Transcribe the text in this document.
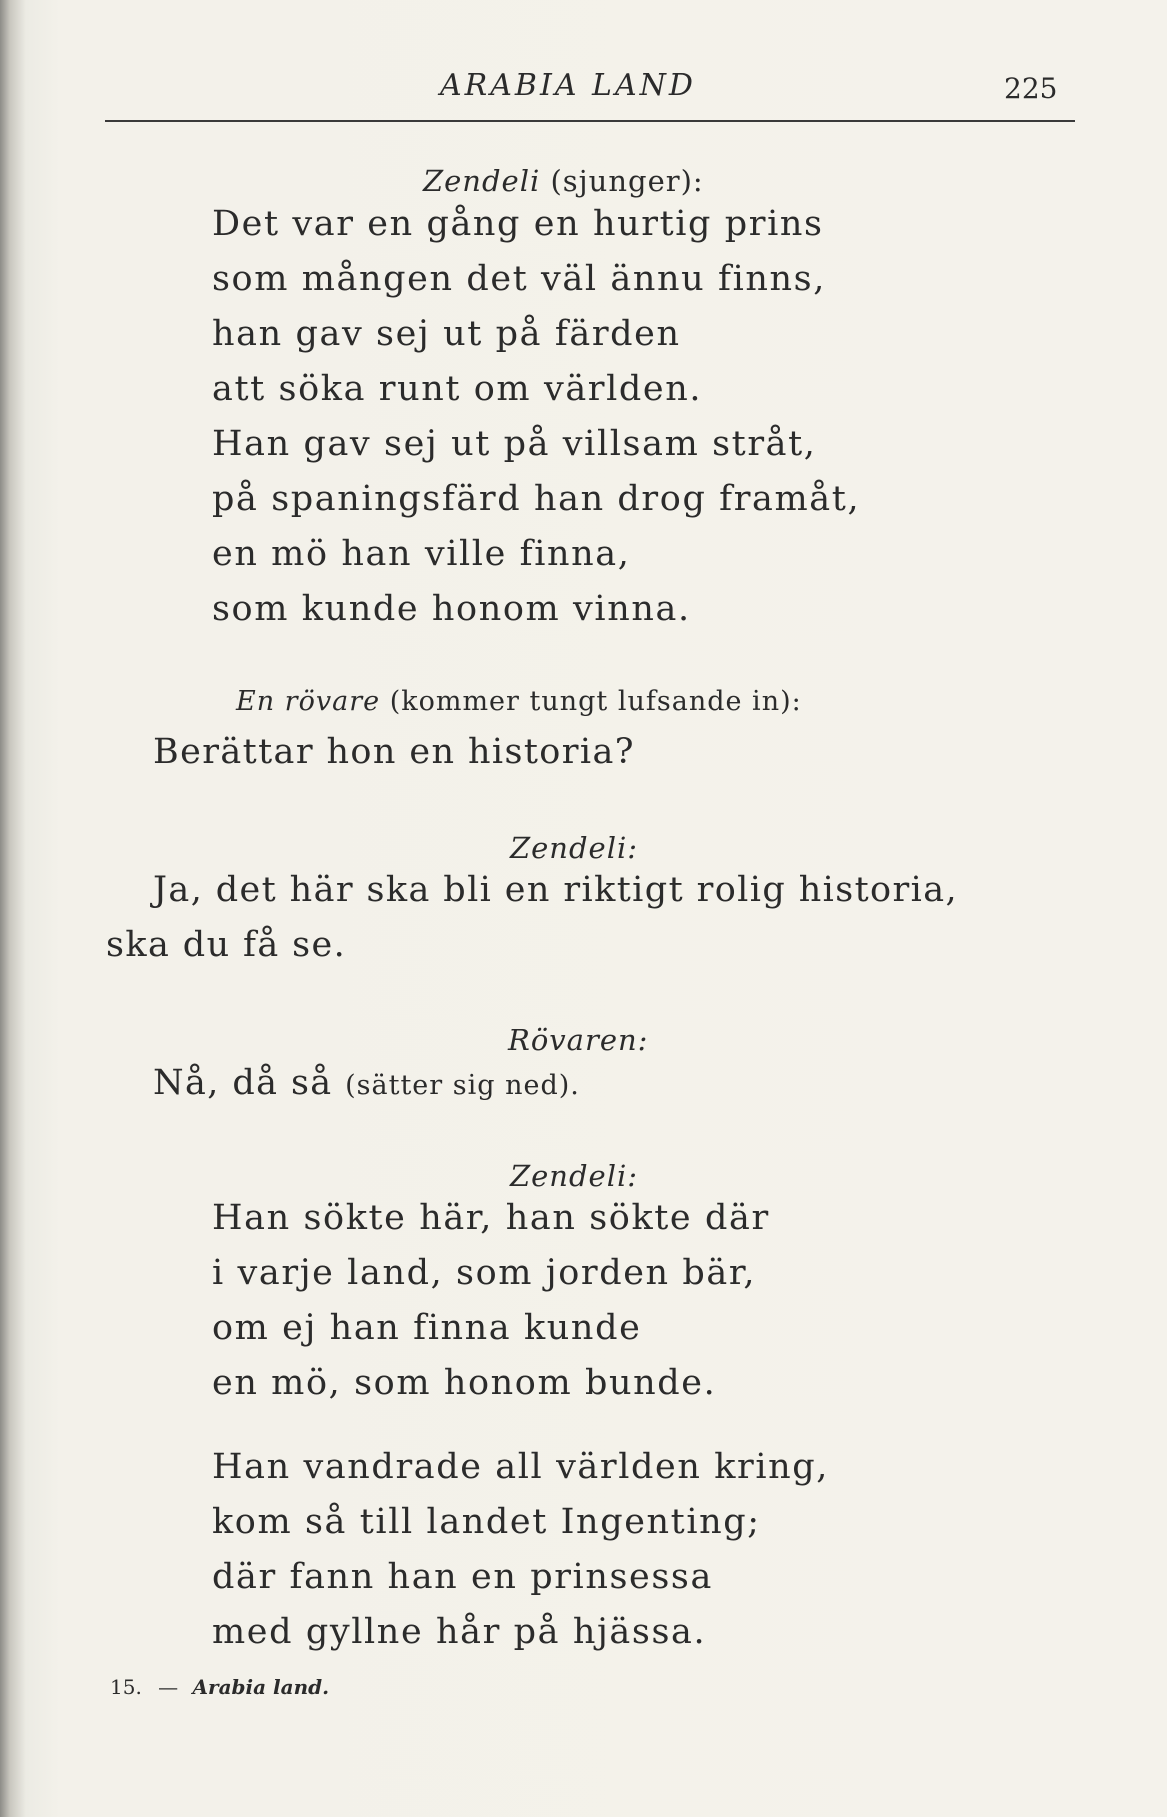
ARABIA LAND	225
Zendeli (sjunger):
Det var en gång en hurtig prins
som mången det väl ännu finns,
han gav sej ut på färden
att söka runt om världen.
Han gav sej ut på villsam stråt,
på spaningsfärd han drog framåt,
en mö han ville finna,
som kunde honom vinna.
En rövare (kommer tungt lufsande in):
Berättar hon en historia?
Zendeli:
Ja, det här ska bli en riktigt rolig historia,
ska du få se.
Rövaren:
Nå, då så (sätter sig ned).
Zendeli:
Han sökte här, han sökte där
i varje land, som jorden bär,
om ej han finna kunde
en mö, som honom bunde.
Han vandrade all världen kring,
kom så till landet Ingenting;
där fann han en prinsessa
med gyllne hår på hjässa.
15. — Arabia land.
